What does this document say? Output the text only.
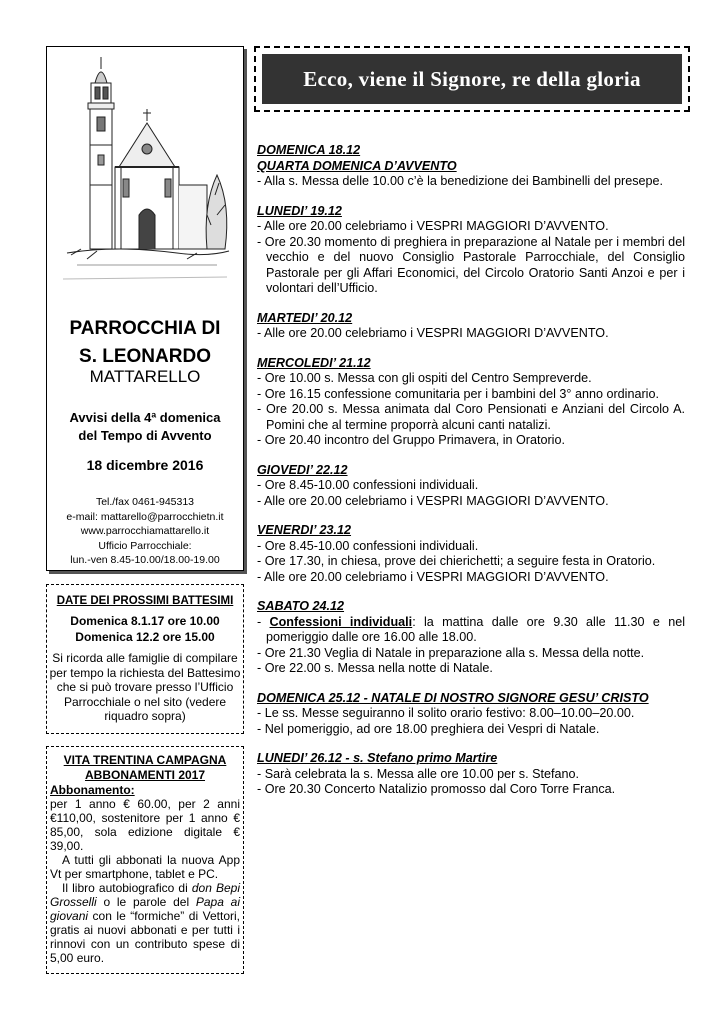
PARROCCHIA DI
S. LEONARDO
MATTARELLO
Avvisi della 4ª domenica
del Tempo di Avvento
18 dicembre 2016
Tel./fax 0461-945313
e-mail: mattarello@parrocchietn.it
www.parrocchiamattarello.it
Ufficio Parrocchiale:
lun.-ven 8.45-10.00/18.00-19.00
DATE DEI PROSSIMI BATTESIMI
Domenica 8.1.17 ore 10.00
Domenica 12.2 ore 15.00
Si ricorda alle famiglie di compilare per tempo la richiesta del Battesimo che si può trovare presso l’Ufficio Parrocchiale o nel sito (vedere riquadro sopra)
VITA TRENTINA CAMPAGNA
ABBONAMENTI 2017

Abbonamento:

per 1 anno € 60.00, per 2 anni €110,00, sostenitore per 1 anno € 85,00, sola edizione digitale € 39,00.

A tutti gli abbonati la nuova App Vt per smartphone, tablet e PC.

Il libro autobiografico di don Bepi Grosselli o le parole del Papa ai giovani con le “formiche” di Vettori, gratis ai nuovi abbonati e per tutti i rinnovi con un contributo spese di 5,00 euro.

Ecco, viene il Signore, re della gloria
DOMENICA 18.12
QUARTA DOMENICA D’AVVENTO
- Alla s. Messa delle 10.00 c’è la benedizione dei Bambinelli del presepe.
LUNEDI’ 19.12
- Alle ore 20.00 celebriamo i VESPRI MAGGIORI D’AVVENTO.
- Ore 20.30 momento di preghiera in preparazione al Natale per i membri del vecchio e del nuovo Consiglio Pastorale Parrocchiale, del Consiglio Pastorale per gli Affari Economici, del Circolo Oratorio Santi Anzoi e per i volontari dell’Ufficio.
MARTEDI’ 20.12
- Alle ore 20.00 celebriamo i VESPRI MAGGIORI D’AVVENTO.
MERCOLEDI’ 21.12
- Ore 10.00 s. Messa con gli ospiti del Centro Sempreverde.
- Ore 16.15 confessione comunitaria per i bambini del 3° anno ordinario.
- Ore 20.00 s. Messa animata dal Coro Pensionati e Anziani del Circolo A. Pomini che al termine proporrà alcuni canti natalizi.
- Ore 20.40 incontro del Gruppo Primavera, in Oratorio.
GIOVEDI’ 22.12
- Ore 8.45-10.00 confessioni individuali.
- Alle ore 20.00 celebriamo i VESPRI MAGGIORI D’AVVENTO.
VENERDI’ 23.12
- Ore 8.45-10.00 confessioni individuali.
- Ore 17.30, in chiesa, prove dei chierichetti; a seguire festa in Oratorio.
- Alle ore 20.00 celebriamo i VESPRI MAGGIORI D’AVVENTO.
SABATO 24.12
- Confessioni individuali: la mattina dalle ore 9.30 alle 11.30 e nel pomeriggio dalle ore 16.00 alle 18.00.
- Ore 21.30 Veglia di Natale in preparazione alla s. Messa della notte.
- Ore 22.00 s. Messa nella notte di Natale.
DOMENICA 25.12 - NATALE DI NOSTRO SIGNORE GESU’ CRISTO
- Le ss. Messe seguiranno il solito orario festivo: 8.00–10.00–20.00.
- Nel pomeriggio, ad ore 18.00 preghiera dei Vespri di Natale.
LUNEDI’ 26.12 - s. Stefano primo Martire
- Sarà celebrata la s. Messa alle ore 10.00 per s. Stefano.
- Ore 20.30 Concerto Natalizio promosso dal Coro Torre Franca.
